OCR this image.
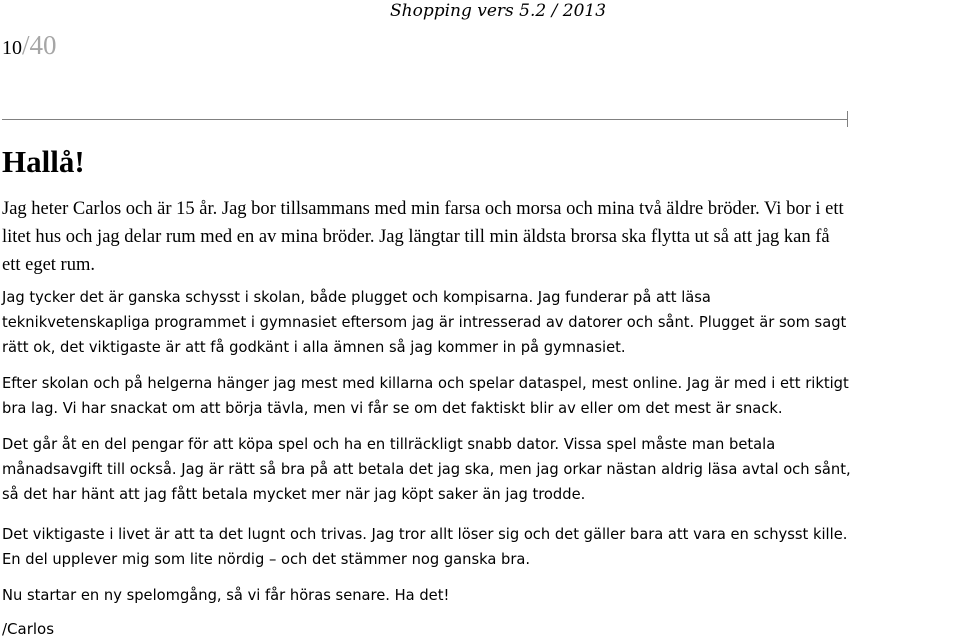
Shopping vers 5.2 / 2013
10/40
Hallå!

Jag heter Carlos och är 15 år. Jag bor tillsammans med min farsa och morsa och mina två äldre bröder. Vi bor i ett
litet hus och jag delar rum med en av mina bröder. Jag längtar till min äldsta brorsa ska flytta ut så att jag kan få
ett eget rum.

Jag tycker det är ganska schysst i skolan, både plugget och kompisarna. Jag funderar på att läsa
teknikvetenskapliga programmet i gymnasiet eftersom jag är intresserad av datorer och sånt. Plugget är som sagt
rätt ok, det viktigaste är att få godkänt i alla ämnen så jag kommer in på gymnasiet.

Efter skolan och på helgerna hänger jag mest med killarna och spelar dataspel, mest online. Jag är med i ett riktigt
bra lag. Vi har snackat om att börja tävla, men vi får se om det faktiskt blir av eller om det mest är snack.

Det går åt en del pengar för att köpa spel och ha en tillräckligt snabb dator. Vissa spel måste man betala
månadsavgift till också. Jag är rätt så bra på att betala det jag ska, men jag orkar nästan aldrig läsa avtal och sånt,
så det har hänt att jag fått betala mycket mer när jag köpt saker än jag trodde.

Det viktigaste i livet är att ta det lugnt och trivas. Jag tror allt löser sig och det gäller bara att vara en schysst kille.
En del upplever mig som lite nördig – och det stämmer nog ganska bra.

Nu startar en ny spelomgång, så vi får höras senare. Ha det!

/Carlos
